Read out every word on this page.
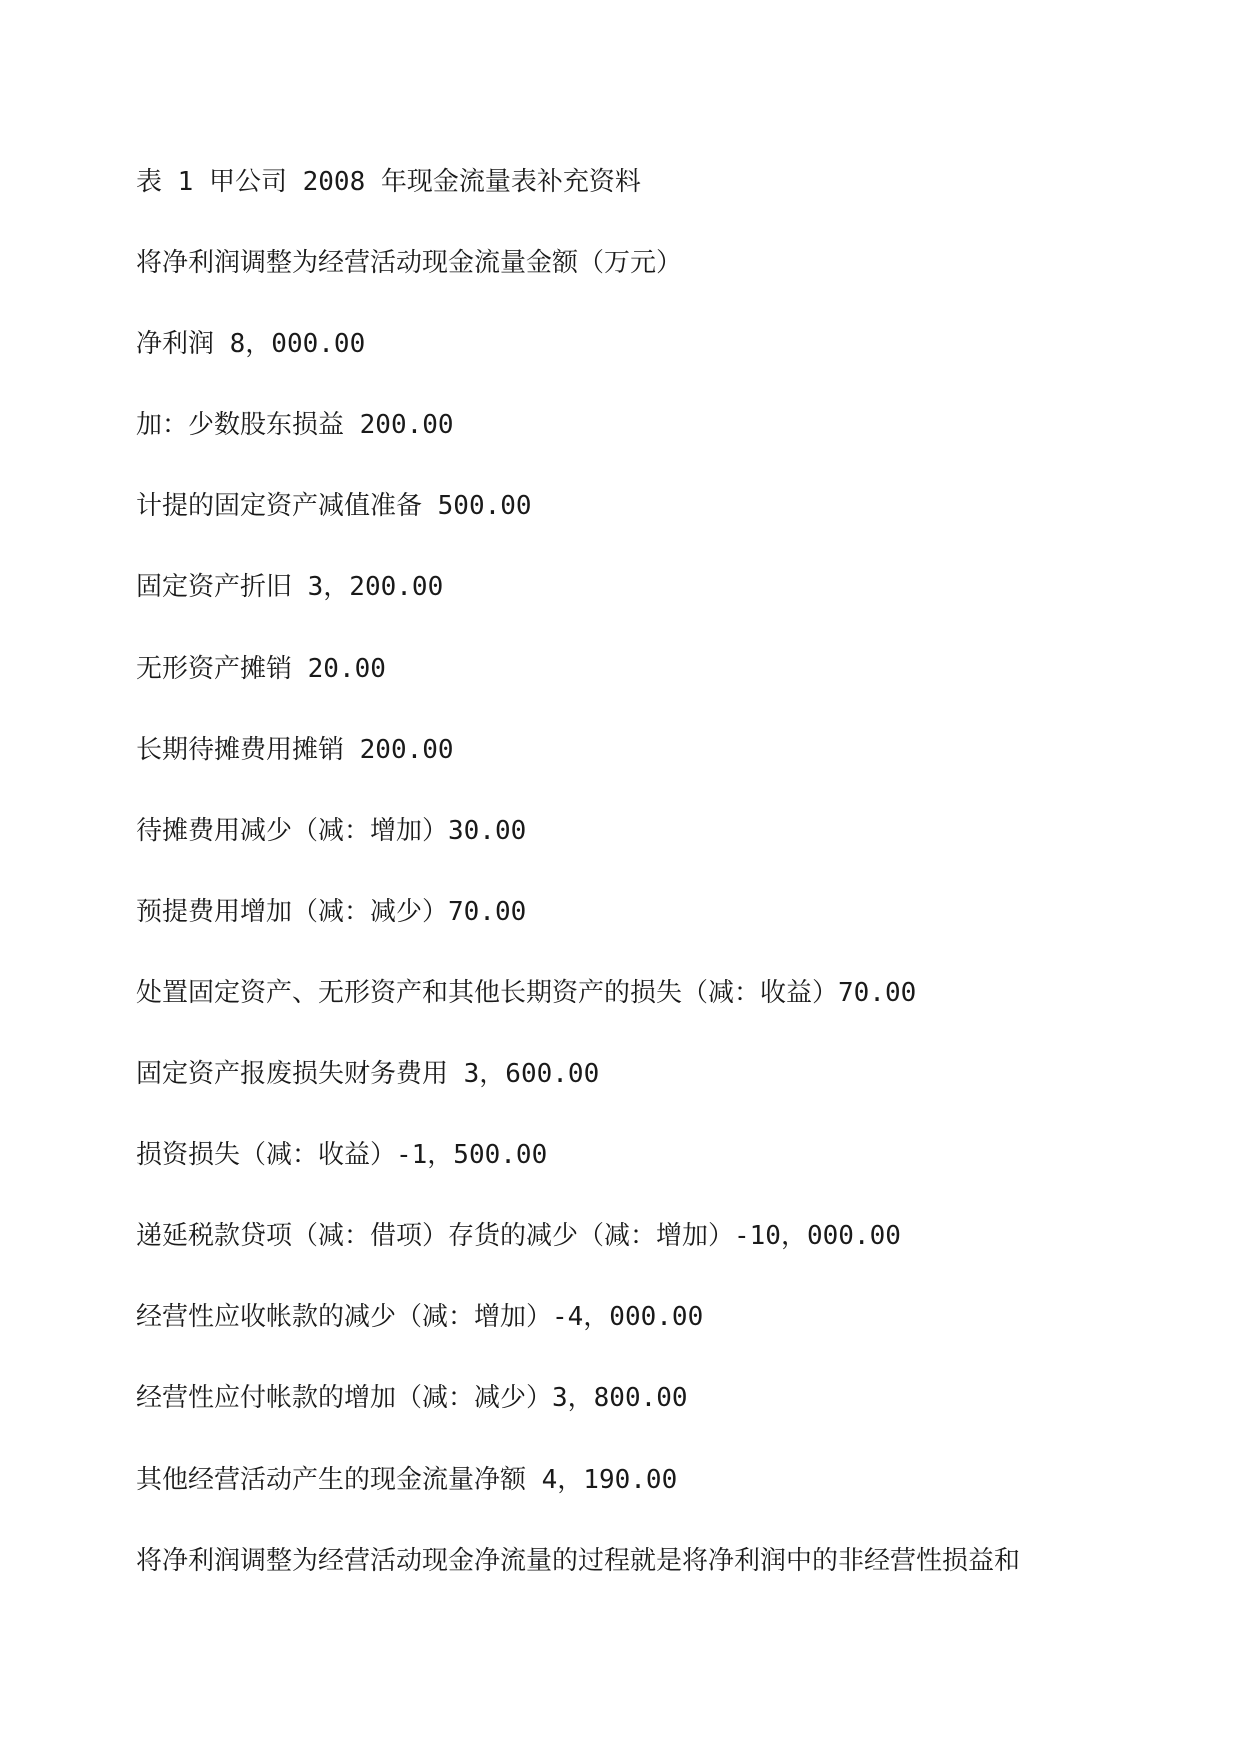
表 1 甲公司 2008 年现金流量表补充资料
将净利润调整为经营活动现金流量金额（万元）
净利润 8，000.00
加：少数股东损益 200.00
计提的固定资产减值准备 500.00
固定资产折旧 3，200.00
无形资产摊销 20.00
长期待摊费用摊销 200.00
待摊费用减少（减：增加）30.00
预提费用增加（减：减少）70.00
处置固定资产、无形资产和其他长期资产的损失（减：收益）70.00
固定资产报废损失财务费用 3，600.00
损资损失（减：收益）-1，500.00
递延税款贷项（减：借项）存货的减少（减：增加）-10，000.00
经营性应收帐款的减少（减：增加）-4，000.00
经营性应付帐款的增加（减：减少）3，800.00
其他经营活动产生的现金流量净额 4，190.00
将净利润调整为经营活动现金净流量的过程就是将净利润中的非经营性损益和
